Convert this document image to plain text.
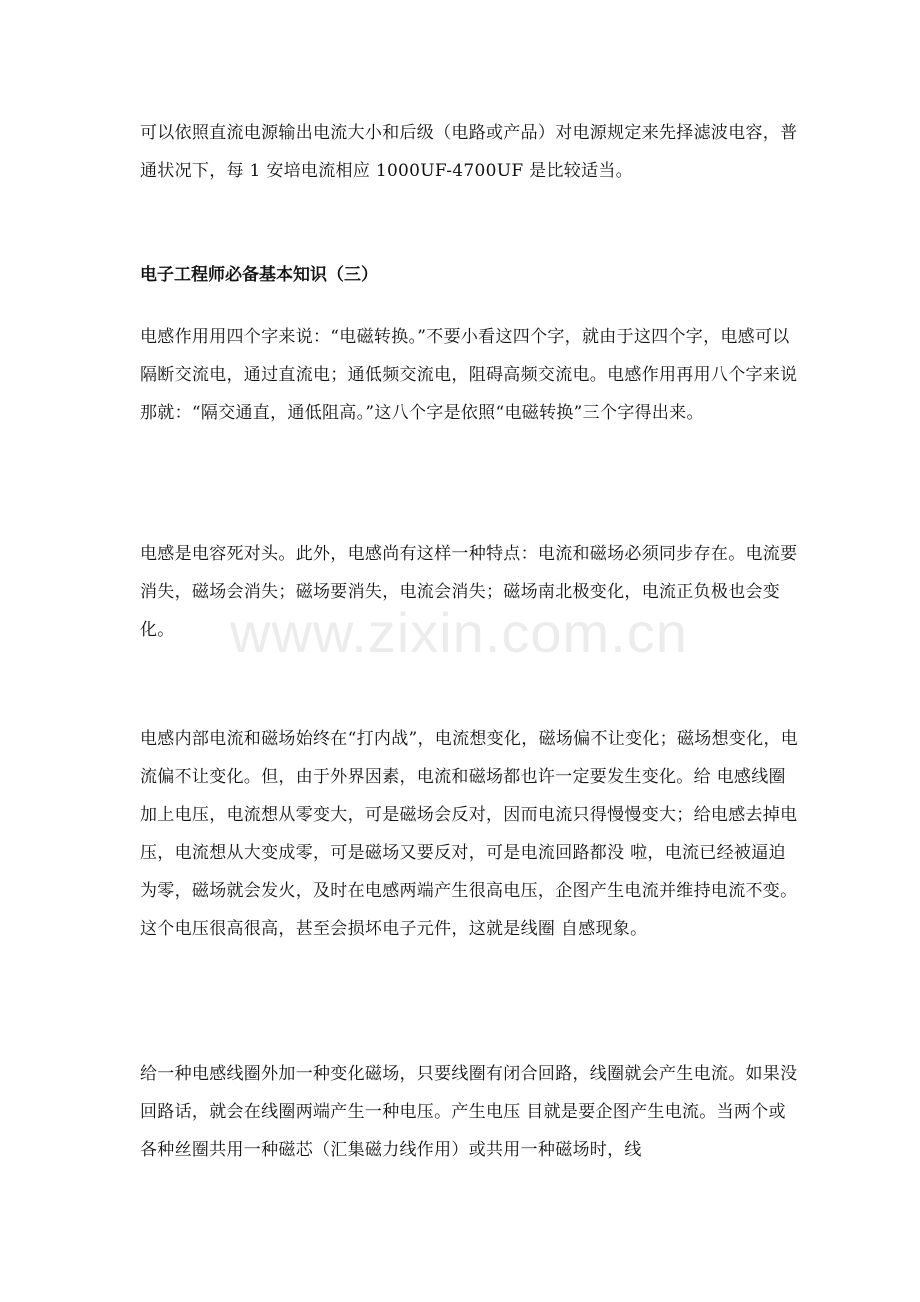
可以依照直流电源输出电流大小和后级（电路或产品）对电源规定来先择滤波电容，普通状况下，每 1 安培电流相应 1000UF-4700UF 是比较适当。

电子工程师必备基本知识（三）

电感作用用四个字来说：“电磁转换。”不要小看这四个字，就由于这四个字，电感可以隔断交流电，通过直流电；通低频交流电，阻碍高频交流电。电感作用再用八个字来说那就：“隔交通直，通低阻高。”这八个字是依照“电磁转换”三个字得出来。

电感是电容死对头。此外，电感尚有这样一种特点：电流和磁场必须同步存在。电流要消失，磁场会消失；磁场要消失，电流会消失；磁场南北极变化，电流正负极也会变化。

电感内部电流和磁场始终在“打内战”，电流想变化，磁场偏不让变化；磁场想变化，电流偏不让变化。但，由于外界因素，电流和磁场都也许一定要发生变化。给 电感线圈加上电压，电流想从零变大，可是磁场会反对，因而电流只得慢慢变大；给电感去掉电压，电流想从大变成零，可是磁场又要反对，可是电流回路都没 啦，电流已经被逼迫为零，磁场就会发火，及时在电感两端产生很高电压，企图产生电流并维持电流不变。这个电压很高很高，甚至会损坏电子元件，这就是线圈 自感现象。

给一种电感线圈外加一种变化磁场，只要线圈有闭合回路，线圈就会产生电流。如果没回路话，就会在线圈两端产生一种电压。产生电压 目就是要企图产生电流。当两个或各种丝圈共用一种磁芯（汇集磁力线作用）或共用一种磁场时，线

www.zixin.com.cn
